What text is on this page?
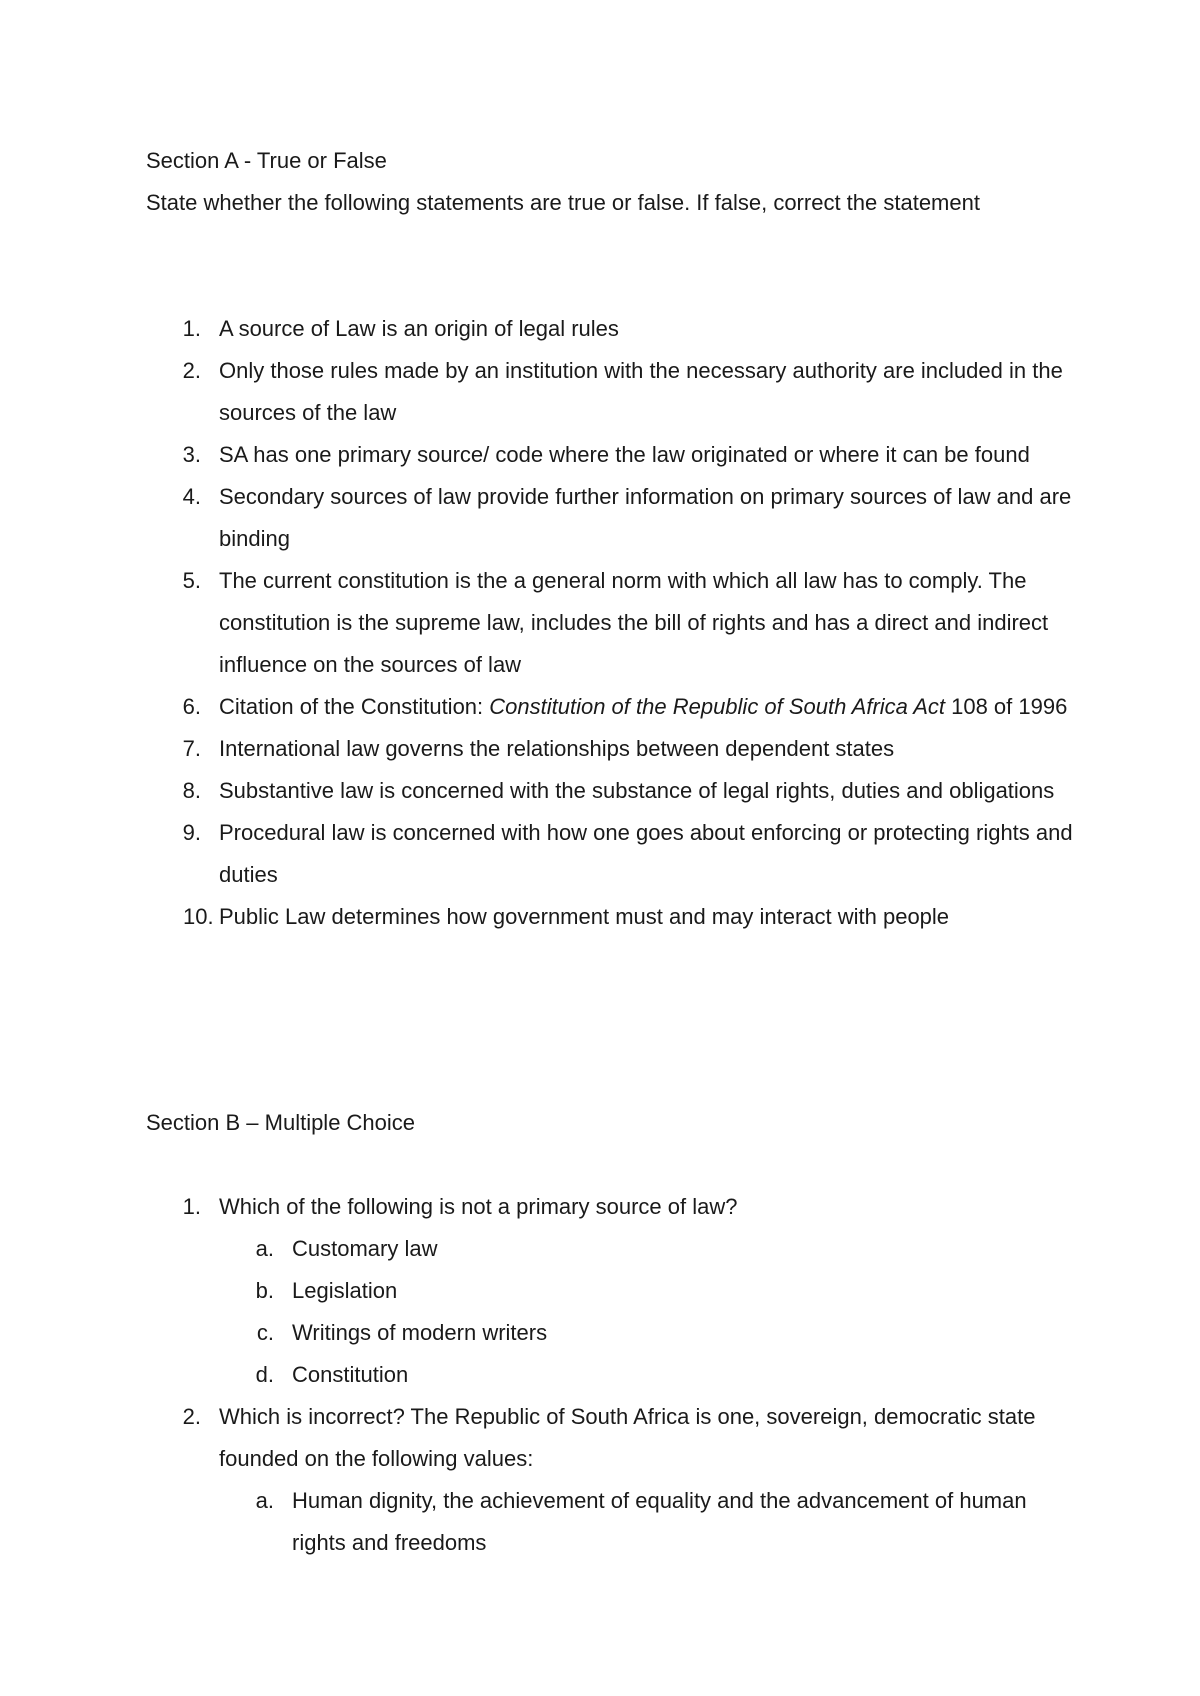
Section A - True or False
State whether the following statements are true or false. If false, correct the statement
1. A source of Law is an origin of legal rules
2. Only those rules made by an institution with the necessary authority are included in the sources of the law
3. SA has one primary source/ code where the law originated or where it can be found
4. Secondary sources of law provide further information on primary sources of law and are binding
5. The current constitution is the a general norm with which all law has to comply. The constitution is the supreme law, includes the bill of rights and has a direct and indirect influence on the sources of law
6. Citation of the Constitution: Constitution of the Republic of South Africa Act 108 of 1996
7. International law governs the relationships between dependent states
8. Substantive law is concerned with the substance of legal rights, duties and obligations
9. Procedural law is concerned with how one goes about enforcing or protecting rights and duties
10. Public Law determines how government must and may interact with people
Section B – Multiple Choice
1. Which of the following is not a primary source of law?
a. Customary law
b. Legislation
c. Writings of modern writers
d. Constitution
2. Which is incorrect? The Republic of South Africa is one, sovereign, democratic state founded on the following values:
a. Human dignity, the achievement of equality and the advancement of human rights and freedoms
